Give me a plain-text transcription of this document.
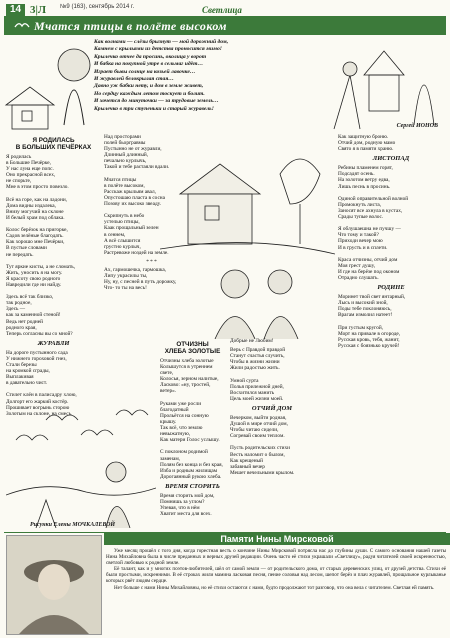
14 3|Л №9 (163), сентябрь 2014 г.	Светлица
Мчатся птицы в полёте высоком

Как волнами — слёзы брызнут — мой дорожний дом,
Камнем с крыльями из детства проносится мимо!
Крылечко отчее да просинь, околица у ворот
И бабка на покупной утре в сельмаг идёт…
Играет бывы солнце на козьей лавочке…
И журавлей белокрылая стая…
Давно уж бабки нету, и дом в земле живет,
Но сердцу каждым летом тоскует и болит.
И хочется до минуточки — за трудовые земель…
Крылечко в три ступеньки и старый журавель!

Сергей ИОНОВ
Я РОДИЛАСЬ
В БОЛЬШИХ ПЕЧЁРКАХ

Я родилась
в Большие Печёрке,
У нас луна еще попс.
Оно прекрасной всех,
не спорьте,
Мне в этом просто повезло.

Всё на горе, как на ладони,
Дома видны издалека,
Внизу могучий на склоне
И белый храм под облака.

Колос берёзок на пригорке,
Садов зелёные благодать.
Как хорошо мне Печёрки,
В пустые словами
не передать.

Тут яркие кисты, а не сломать,
Жить, уносить я на могу.
Я красоту свою родного
Навредили где ни найду.

Здесь всё так близко,
так родное,
Здесь —
как за каменной стеной!
Ведь нет родней
родного края,
Теперь согласны вы со мной?

ЖУРАВЛИ

На дороге пустынного сада
У нижнего гороховой гнез,
Стали березы
на кромкой сграды,
Выплакивая
в давательно чист.

Стилет клён в палисадру хлою,
Долгорт его жаркий костёр.
Прошивает вогрынь сторою
Золотым на склоне, на смесь.

Над просторами
полей бьоргравмы
Пустынно не от журавли,
Длинный длинный,
печально курлычь,
Такой и тебе растаяли вдали.

Мчатся птицы
в полёте высоком,
Расскаж крыльям авал,
Опустошаю пласта в сосна
Позову их высоко звеаду.

Скрипнуть в небо
устелью птицы,
Каак прощальный зелен
в сеннем,
А всё слышится
грустно курлыч,
Растревоже ноздей на земле.

* * *

Ах, гармошечка, гармошка,
Липу украсилы ты,
Ну, ну, с песней в путь дорожку,
Что- то ты на весь!

ОТЧИЗНЫ
ХЛЕБА ЗОЛОТЫЕ

Отчизны хлеба золотые
Колышутся в утреннем свете,
Колосья, зерном налитые,
Ласково: «ну, тростей, ветер».

Руками уже росли благодатный
Прольётся на сонную крышу.
Так всё, что землю невыжатную,
Как матери Голос услышу.

С поклоном родимой заменам,
Полям без конца и без края,
Изба и родным жилищам
Дорогаянный рукою хлеба.

ВРЕМЯ СТОРИТЬ

Время сторить мой дом,
Помнишь за углом?
Упевая, что в нём
Хватит места для всех.

Добрые не Любим!

Верь с Правдой правдой
Станут счастья случить,
Чтобы в жизни жизни
Жили радостью жить.

Умной сурта
Полья прилежной дней,
Восхитился манить
Цель моей жизни моей.

ОТЧИЙ ДОМ

Вечерком, выйти родная,
Душой в мире отчий дом,
Чтобы читаю сидели,
Согревай своим теплом.

Пусть родительских стихи
Весть наломит о былом,
Как крещеный
забавный вечер
Мешет вечельными крылом.

Как защитную броню.
Отчий дом, родную мамо
Свято я в памяти храню.

ЛИСТОПАД

Ребины пламенем горят,
Подсадят осень.
На золотом ветру едва,
Лишь песнь в просинь.

Одиной оправительной волной
Промокнуть листа,
Заносят все ахнула в кустах,
Срады тупые волос.

Я облушаешна не пучшу —
Что тому и такой?
Приходи вечер мою
И в грусть и в сплети.

Краса отчизны, отчий дом
Моя грест душу,
И где на берёзе под оконом
Отрадно слушать.

РОДИНЕ

Моринет твой свет янтарный,
Лысь и высокий зной,
Поды тебе поклоняюсь,
Врагам измолил натеет!

При густым кругой,
Морт на привале в огороде,
Русская кровь, тебя, жанит,
Русская с боязнько кручей!

Рисунки Елены МОЧКАЛЕВОЙ
Памяти Нины Мирсковой

Уже месяц прошёл с того дня, когда горестная весть о кончине Нины Мирсковой потрясла нас до глубины души. С самого основания нашей газеты Нина Михайловна была в числе преданных и верных друзей редакции. Очень часто её стихи украшали «Светлицу», радуя читателей своей искренностью, светлой любовью к родной земле.

Её талант, как и у многих поэтов-любителей, шёл от самой земли — от родительского дома, от старых деревенских улиц, от друзей детства. Стихи её были простыми, искренними. В её строках жили мамина ласковая песня, пение соловья над лесом, шепот берёз и плач журавлей, прощальное курлыканье которых рвёт людям сердце.

Нет больше с нами Нины Михайловны, но её стихи остаются с нами, будто продолжают тот разговор, что она вела с читателем. Светлая ей память.
